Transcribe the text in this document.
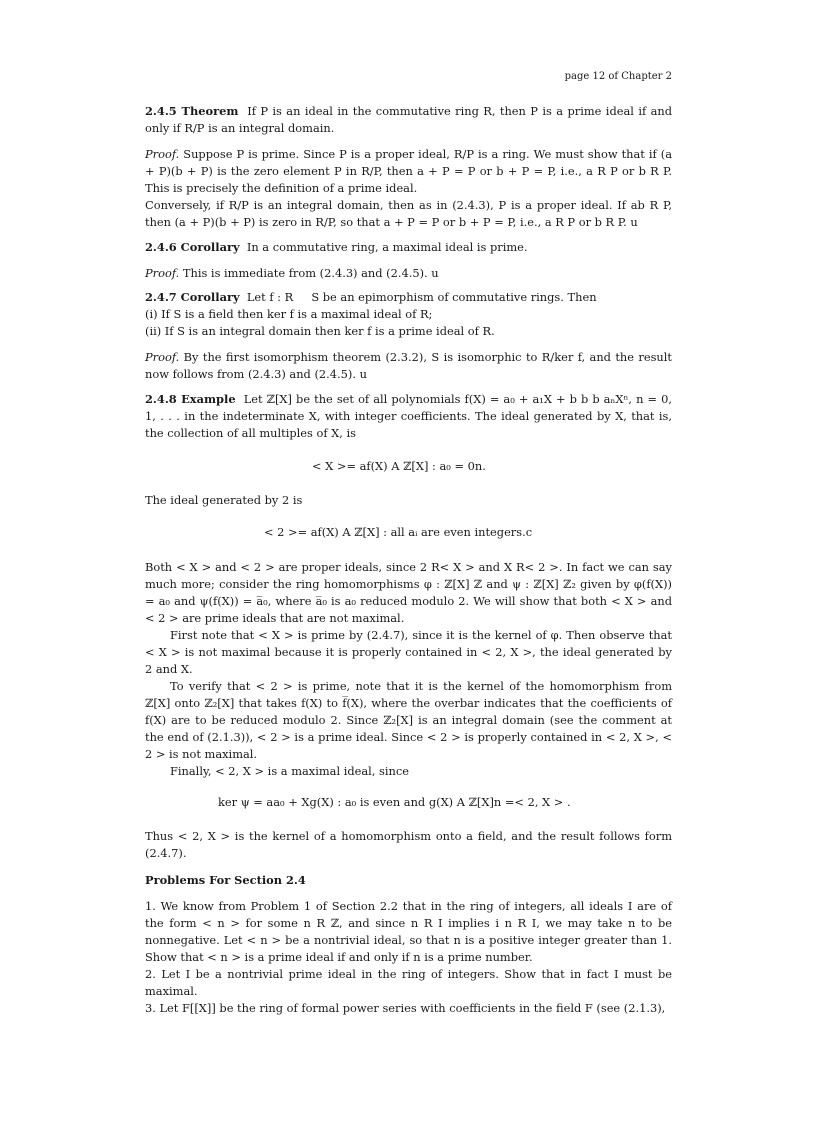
page 12 of Chapter 2
2.4.5 Theorem If P is an ideal in the commutative ring R, then P is a prime ideal if and only if R/P is an integral domain.

Proof. Suppose P is prime. Since P is a proper ideal, R/P is a ring. We must show that if (a + P)(b + P) is the zero element P in R/P, then a + P = P or b + P = P, i.e., a R P or b R P. This is precisely the definition of a prime ideal.

Conversely, if R/P is an integral domain, then as in (2.4.3), P is a proper ideal. If ab R P, then (a + P)(b + P) is zero in R/P, so that a + P = P or b + P = P, i.e., a R P or b R P. u

2.4.6 Corollary In a commutative ring, a maximal ideal is prime.
Proof. This is immediate from (2.4.3) and (2.4.5). u

2.4.7 Corollary Let f : R     S be an epimorphism of commutative rings. Then

(i) If S is a field then ker f is a maximal ideal of R;

(ii) If S is an integral domain then ker f is a prime ideal of R.

Proof. By the first isomorphism theorem (2.3.2), S is isomorphic to R/ker f, and the result now follows from (2.4.3) and (2.4.5). u
2.4.8 Example Let ℤ[X] be the set of all polynomials f(X) = a₀ + a₁X + b b b aₙXⁿ, n = 0, 1, . . . in the indeterminate X, with integer coefficients. The ideal generated by X, that is, the collection of all multiples of X, is
< X >= af(X) A ℤ[X] : a₀ = 0n.
The ideal generated by 2 is
< 2 >= af(X) A ℤ[X] : all aᵢ are even integers.c

Both < X > and < 2 > are proper ideals, since 2 R< X > and X R< 2 >. In fact we can say much more; consider the ring homomorphisms φ : ℤ[X] ℤ and ψ : ℤ[X] ℤ₂ given by φ(f(X)) = a₀ and ψ(f(X)) = a̅₀, where a̅₀ is a₀ reduced modulo 2. We will show that both < X > and < 2 > are prime ideals that are not maximal.

First note that < X > is prime by (2.4.7), since it is the kernel of φ. Then observe that < X > is not maximal because it is properly contained in < 2, X >, the ideal generated by 2 and X.

To verify that < 2 > is prime, note that it is the kernel of the homomorphism from ℤ[X] onto ℤ₂[X] that takes f(X) to f̅(X), where the overbar indicates that the coefficients of f(X) are to be reduced modulo 2. Since ℤ₂[X] is an integral domain (see the comment at the end of (2.1.3)), < 2 > is a prime ideal. Since < 2 > is properly contained in < 2, X >, < 2 > is not maximal.

Finally, < 2, X > is a maximal ideal, since

ker ψ = aa₀ + Xg(X) : a₀ is even and g(X) A ℤ[X]n =< 2, X > .
Thus < 2, X > is the kernel of a homomorphism onto a field, and the result follows form (2.4.7).
Problems For Section 2.4

1. We know from Problem 1 of Section 2.2 that in the ring of integers, all ideals I are of the form < n > for some n R ℤ, and since n R I implies i n R I, we may take n to be nonnegative. Let < n > be a nontrivial ideal, so that n is a positive integer greater than 1. Show that < n > is a prime ideal if and only if n is a prime number.

2. Let I be a nontrivial prime ideal in the ring of integers. Show that in fact I must be maximal.

3. Let F[[X]] be the ring of formal power series with coefficients in the field F (see (2.1.3),
